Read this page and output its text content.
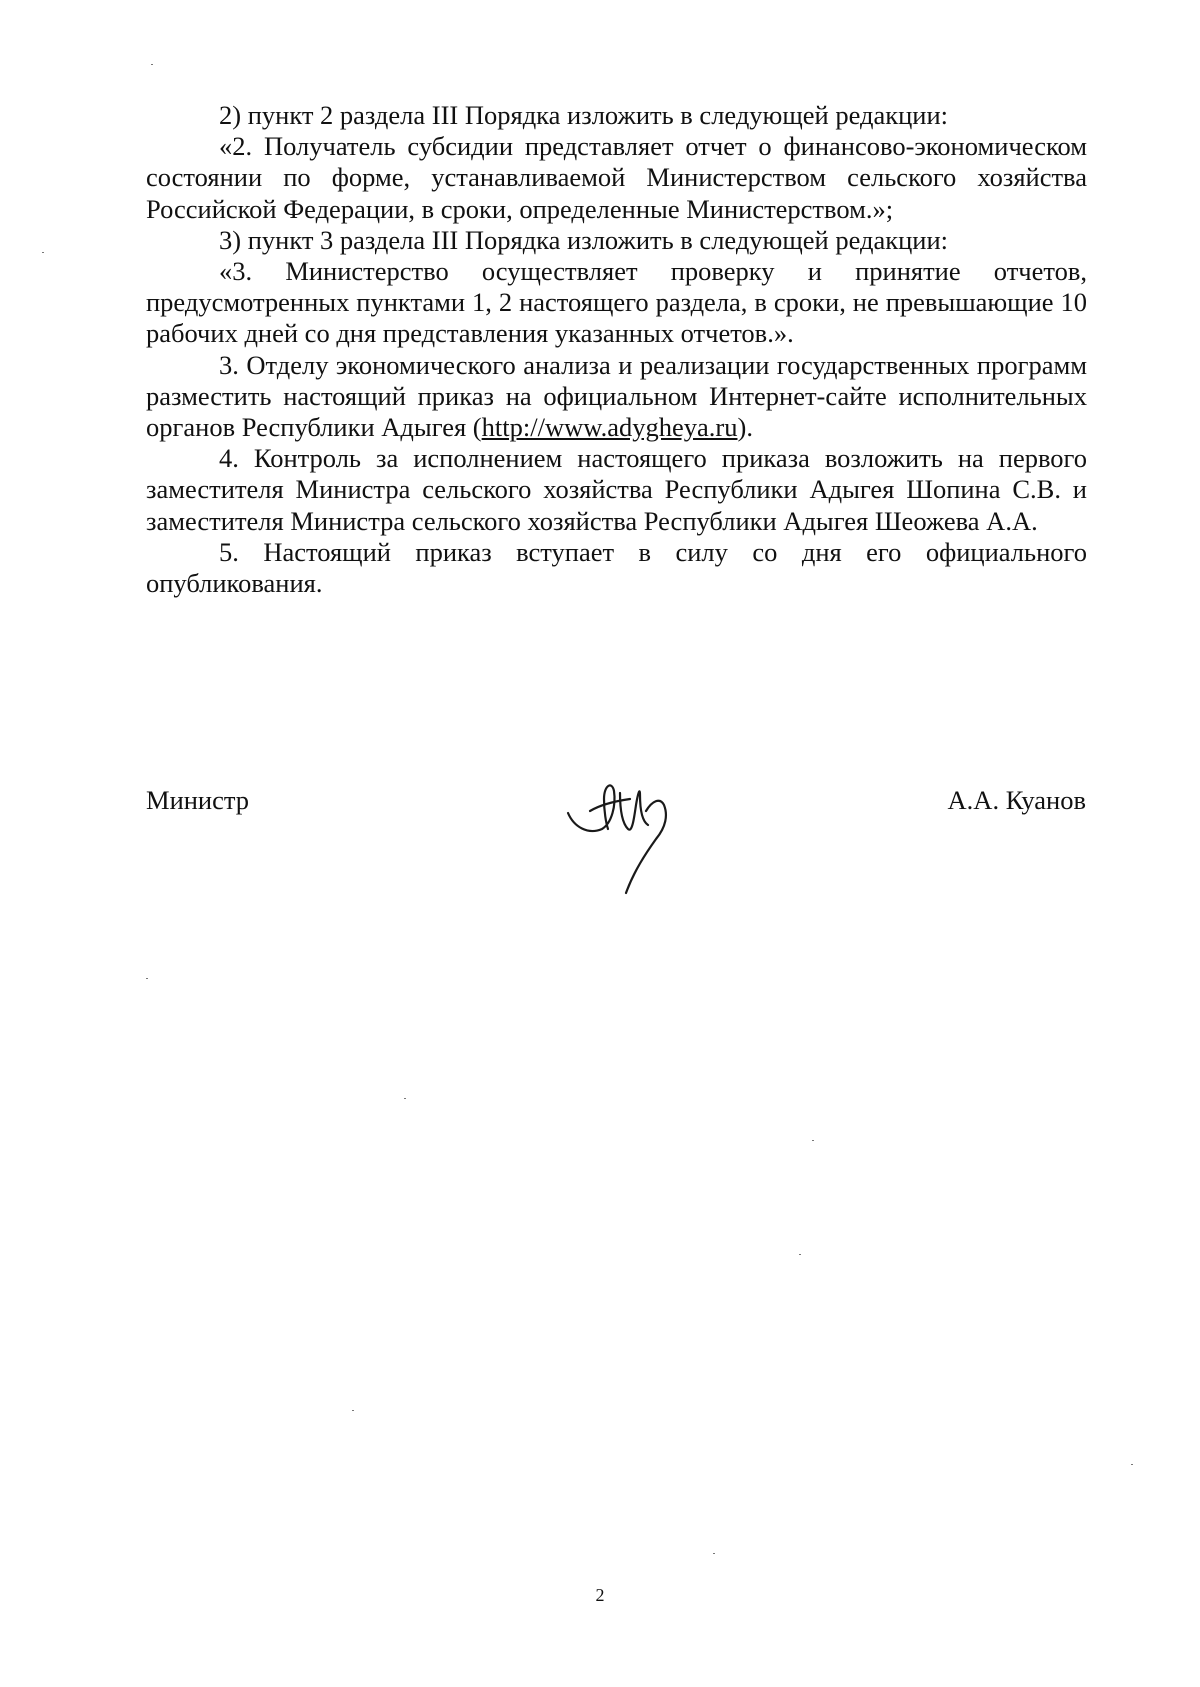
2) пункт 2 раздела III Порядка изложить в следующей редакции:

«2. Получатель субсидии представляет отчет о финансово-экономическом состоянии по форме, устанавливаемой Министерством сельского хозяйства Российской Федерации, в сроки, определенные Министерством.»;

3) пункт 3 раздела III Порядка изложить в следующей редакции:

«3. Министерство осуществляет проверку и принятие отчетов, предусмотренных пунктами 1, 2 настоящего раздела, в сроки, не превышающие 10 рабочих дней со дня представления указанных отчетов.».

3. Отделу экономического анализа и реализации государственных программ разместить настоящий приказ на официальном Интернет-сайте исполнительных органов Республики Адыгея (http://www.adygheya.ru).

4. Контроль за исполнением настоящего приказа возложить на первого заместителя Министра сельского хозяйства Республики Адыгея Шопина С.В. и заместителя Министра сельского хозяйства Республики Адыгея Шеожева А.А.

5. Настоящий приказ вступает в силу со дня его официального опубликования.

Министр	А.А. Куанов
2
